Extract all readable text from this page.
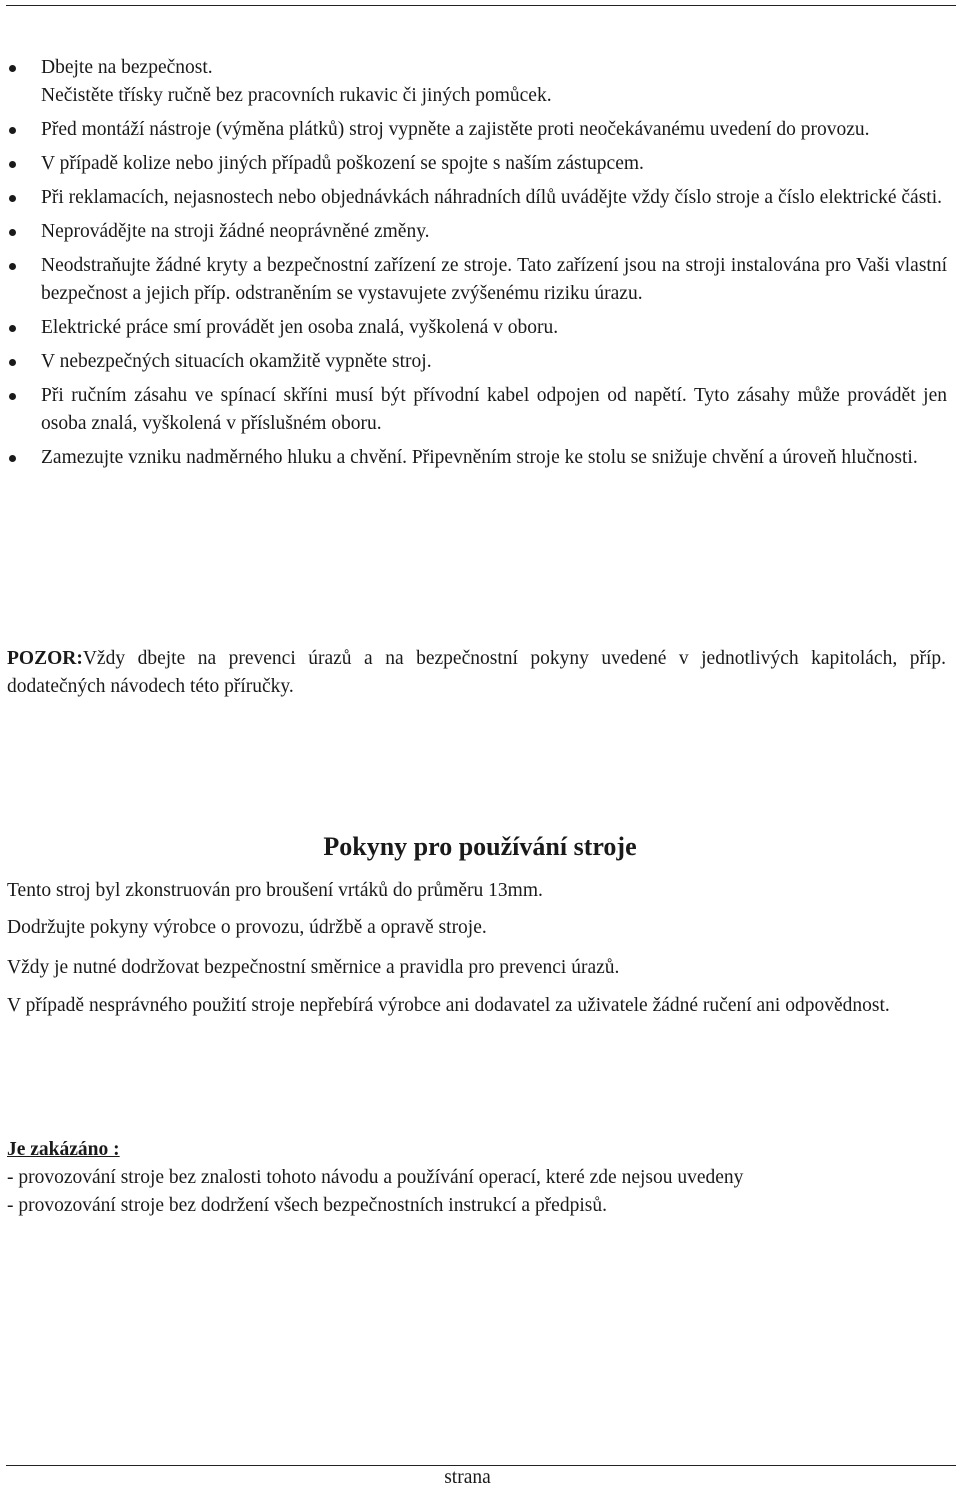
Dbejte na bezpečnost.
Nečistěte třísky ručně bez pracovních rukavic či jiných pomůcek.
Před montáží nástroje (výměna plátků) stroj vypněte a zajistěte proti neočekávanému uvedení do provozu.
V případě kolize nebo jiných případů poškození se spojte s naším zástupcem.
Při reklamacích, nejasnostech nebo objednávkách náhradních dílů uvádějte vždy číslo stroje a číslo elektrické části.
Neprovádějte na stroji žádné neoprávněné změny.
Neodstraňujte žádné kryty a bezpečnostní zařízení ze stroje. Tato zařízení jsou na stroji instalována pro Vaši vlastní bezpečnost a jejich příp. odstraněním se vystavujete zvýšenému riziku úrazu.
Elektrické práce smí provádět jen osoba znalá, vyškolená v oboru.
V nebezpečných situacích okamžitě vypněte stroj.
Při ručním zásahu ve spínací skříni musí být přívodní kabel odpojen od napětí. Tyto zásahy může provádět jen osoba znalá, vyškolená v příslušném oboru.
Zamezujte vzniku nadměrného hluku a chvění. Připevněním stroje ke stolu se snižuje chvění a úroveň hlučnosti.

POZOR:Vždy dbejte na prevenci úrazů a na bezpečnostní pokyny uvedené v jednotlivých kapitolách, příp. dodatečných návodech této příručky.

Pokyny pro používání stroje

Tento stroj byl zkonstruován pro broušení vrtáků do průměru 13mm.

Dodržujte pokyny výrobce o provozu, údržbě a opravě stroje.

Vždy je nutné dodržovat bezpečnostní směrnice a pravidla pro prevenci úrazů.

V případě nesprávného použití stroje nepřebírá výrobce ani dodavatel za uživatele žádné ručení ani odpovědnost.

Je zakázáno :
- provozování stroje bez znalosti tohoto návodu a používání operací, které zde nejsou uvedeny
- provozování stroje bez dodržení všech bezpečnostních instrukcí a předpisů.

strana
